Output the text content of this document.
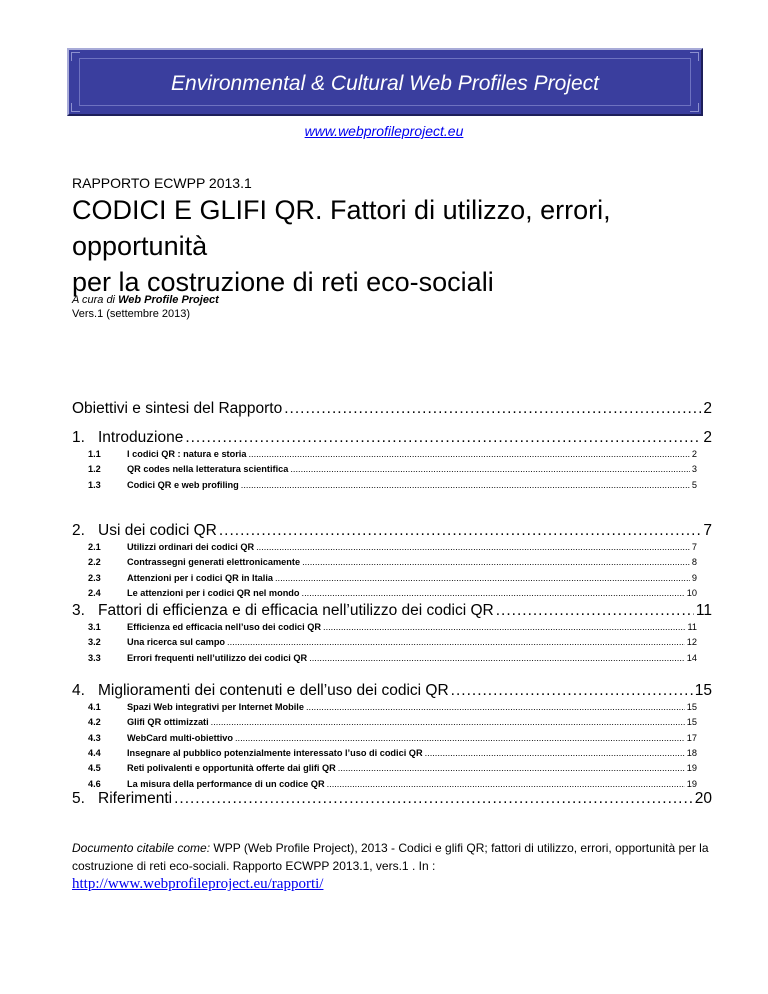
Environmental & Cultural Web Profiles Project
www.webprofileproject.eu
RAPPORTO ECWPP 2013.1
CODICI E GLIFI QR. Fattori di utilizzo, errori, opportunità
per la costruzione di reti eco-sociali
A cura di Web Profile Project
Vers.1 (settembre 2013)
Obiettivi e sintesi del Rapporto .....	2
1. Introduzione .....	2
1.1	I codici QR : natura e storia .....	2
1.2	QR codes nella letteratura scientifica .....	3
1.3	Codici QR e web profiling .....	5
2. Usi dei codici QR .....	7
2.1	Utilizzi ordinari dei codici QR .....	7
2.2	Contrassegni generati elettronicamente .....	8
2.3	Attenzioni per i codici QR in Italia .....	9
2.4	Le attenzioni per i codici QR nel mondo .....	10
3. Fattori di efficienza e di efficacia nell’utilizzo dei codici QR .....	11
3.1	Efficienza ed efficacia nell’uso dei codici QR .....	11
3.2	Una ricerca sul campo .....	12
3.3	Errori frequenti nell’utilizzo dei codici QR .....	14
4. Miglioramenti dei contenuti e dell’uso dei codici QR .....	15
4.1	Spazi Web integrativi per Internet Mobile .....	15
4.2	Glifi QR ottimizzati .....	15
4.3	WebCard multi-obiettivo .....	17
4.4	Insegnare al pubblico potenzialmente interessato l’uso di codici QR .....	18
4.5	Reti polivalenti e opportunità offerte dai glifi QR .....	19
4.6	La misura della performance di un codice QR .....	19
5. Riferimenti .....	20
Documento citabile come: WPP (Web Profile Project), 2013 - Codici e glifi QR; fattori di utilizzo, errori, opportunità per la costruzione di reti eco-sociali. Rapporto ECWPP 2013.1, vers.1 . In :
http://www.webprofileproject.eu/rapporti/
